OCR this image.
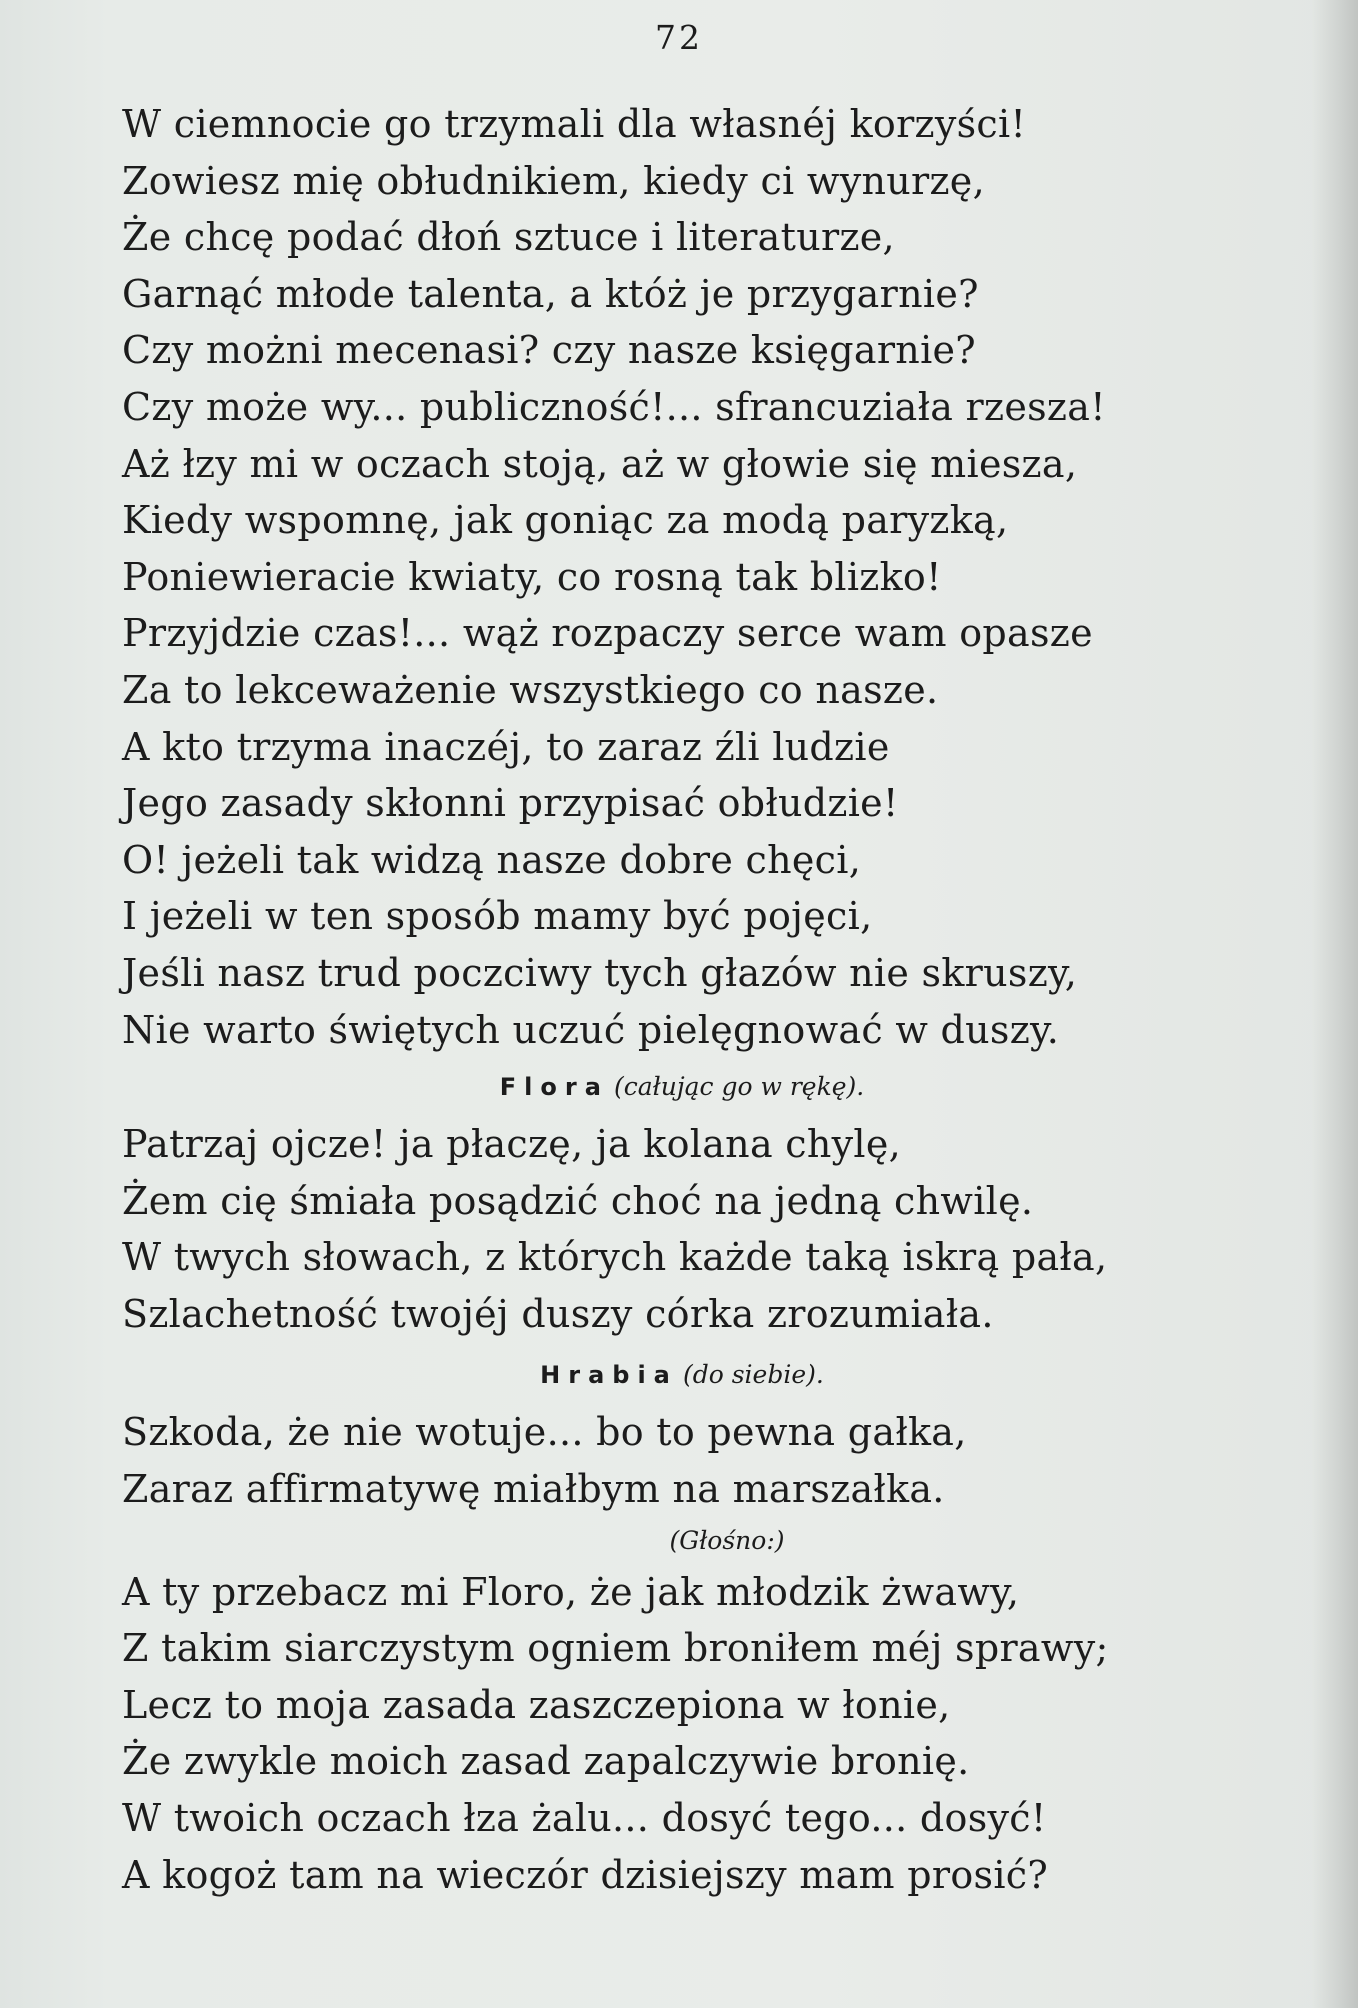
72
W ciemnocie go trzymali dla własnéj korzyści!
Zowiesz mię obłudnikiem, kiedy ci wynurzę,
Że chcę podać dłoń sztuce i literaturze,
Garnąć młode talenta, a któż je przygarnie?
Czy możni mecenasi? czy nasze księgarnie?
Czy może wy... publiczność!... sfrancuziała rzesza!
Aż łzy mi w oczach stoją, aż w głowie się miesza,
Kiedy wspomnę, jak goniąc za modą paryzką,
Poniewieracie kwiaty, co rosną tak blizko!
Przyjdzie czas!... wąż rozpaczy serce wam opasze
Za to lekceważenie wszystkiego co nasze.
A kto trzyma inaczéj, to zaraz źli ludzie
Jego zasady skłonni przypisać obłudzie!
O! jeżeli tak widzą nasze dobre chęci,
I jeżeli w ten sposób mamy być pojęci,
Jeśli nasz trud poczciwy tych głazów nie skruszy,
Nie warto świętych uczuć pielęgnować w duszy.
Flora (całując go w rękę).
Patrzaj ojcze! ja płaczę, ja kolana chylę,
Żem cię śmiała posądzić choć na jedną chwilę.
W twych słowach, z których każde taką iskrą pała,
Szlachetność twojéj duszy córka zrozumiała.
Hrabia (do siebie).
Szkoda, że nie wotuje... bo to pewna gałka,
Zaraz affirmatywę miałbym na marszałka.
(Głośno:)
A ty przebacz mi Floro, że jak młodzik żwawy,
Z takim siarczystym ogniem broniłem méj sprawy;
Lecz to moja zasada zaszczepiona w łonie,
Że zwykle moich zasad zapalczywie bronię.
W twoich oczach łza żalu... dosyć tego... dosyć!
A kogoż tam na wieczór dzisiejszy mam prosić?
